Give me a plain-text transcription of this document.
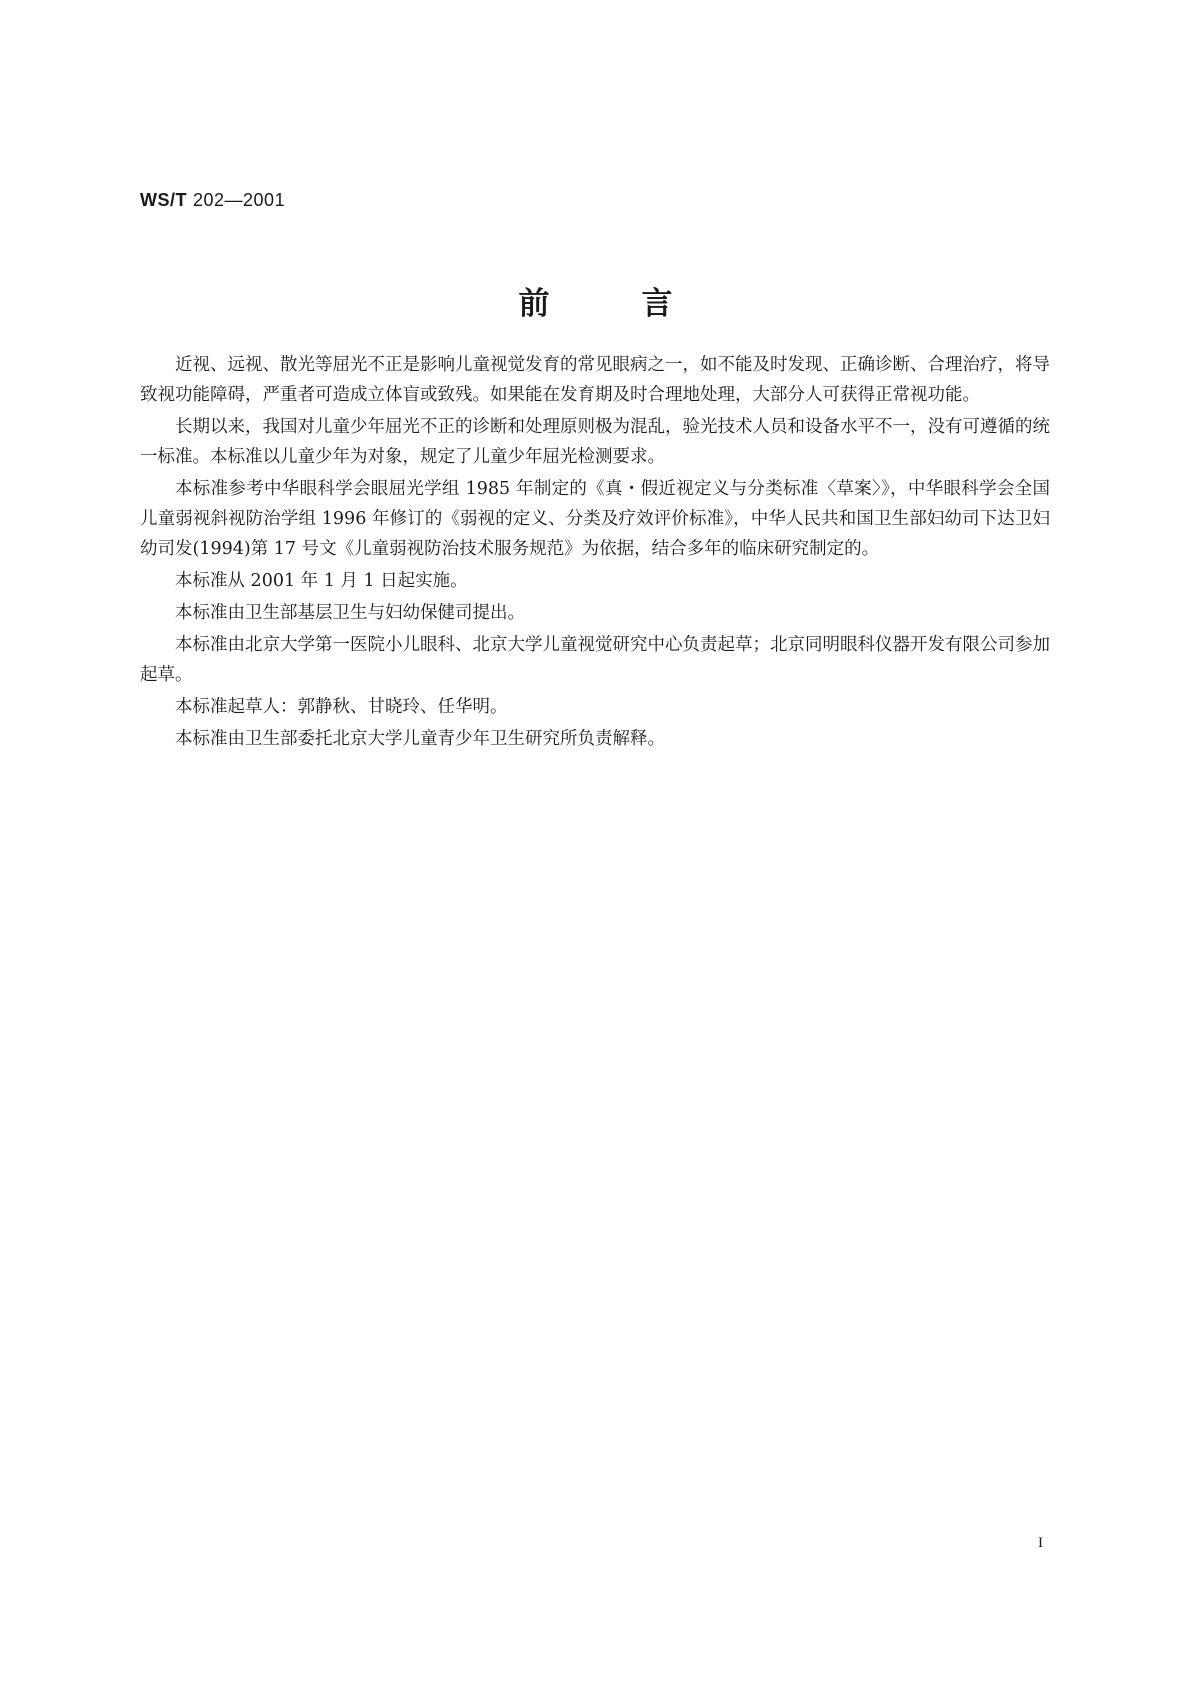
WS/T 202—2001
前	言

近视、远视、散光等屈光不正是影响儿童视觉发育的常见眼病之一，如不能及时发现、正确诊断、合理治疗，将导致视功能障碍，严重者可造成立体盲或致残。如果能在发育期及时合理地处理，大部分人可获得正常视功能。

长期以来，我国对儿童少年屈光不正的诊断和处理原则极为混乱，验光技术人员和设备水平不一，没有可遵循的统一标准。本标准以儿童少年为对象，规定了儿童少年屈光检测要求。

本标准参考中华眼科学会眼屈光学组 1985 年制定的《真・假近视定义与分类标准〈草案〉》，中华眼科学会全国儿童弱视斜视防治学组 1996 年修订的《弱视的定义、分类及疗效评价标准》，中华人民共和国卫生部妇幼司下达卫妇幼司发(1994)第 17 号文《儿童弱视防治技术服务规范》为依据，结合多年的临床研究制定的。

本标准从 2001 年 1 月 1 日起实施。

本标准由卫生部基层卫生与妇幼保健司提出。

本标准由北京大学第一医院小儿眼科、北京大学儿童视觉研究中心负责起草；北京同明眼科仪器开发有限公司参加起草。

本标准起草人：郭静秋、甘晓玲、任华明。

本标准由卫生部委托北京大学儿童青少年卫生研究所负责解释。

I
